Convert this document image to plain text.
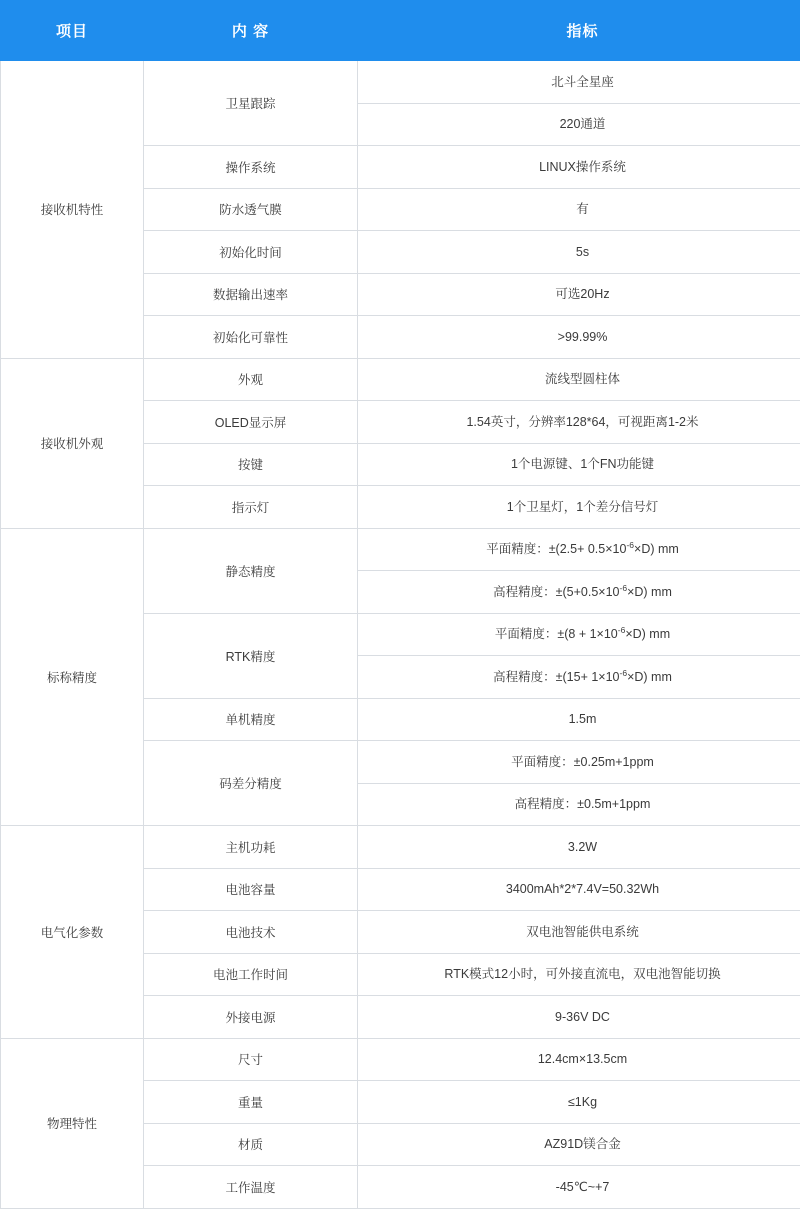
项目	内 容	指标
接收机特性	卫星跟踪	北斗全星座
		220通道
	操作系统	LINUX操作系统
	防水透气膜	有
	初始化时间	5s
	数据输出速率	可选20Hz
	初始化可靠性	>99.99%
接收机外观	外观	流线型圆柱体
	OLED显示屏	1.54英寸，分辨率128*64，可视距离1-2米
	按键	1个电源键、1个FN功能键
	指示灯	1个卫星灯，1个差分信号灯
标称精度	静态精度	平面精度：$\pm(2.5+ 0.5\times 10^{-6}\times D)$ mm
		高程精度：$\pm(5+0.5\times 10^{-6}\times D)$ mm
	RTK精度	平面精度：$\pm(8 + 1\times 10^{-6}\times D)$ mm
		高程精度：$\pm(15+ 1\times 10^{-6}\times D)$ mm
	单机精度	1.5m
	码差分精度	平面精度：±0.25m+1ppm
		高程精度：±0.5m+1ppm
电气化参数	主机功耗	3.2W
	电池容量	3400mAh*2*7.4V=50.32Wh
	电池技术	双电池智能供电系统
	电池工作时间	RTK模式12小时，可外接直流电，双电池智能切换
	外接电源	9-36V DC
物理特性	尺寸	12.4cm×13.5cm
	重量	≤1Kg
	材质	AZ91D镁合金
	工作温度	-45℃~+7
